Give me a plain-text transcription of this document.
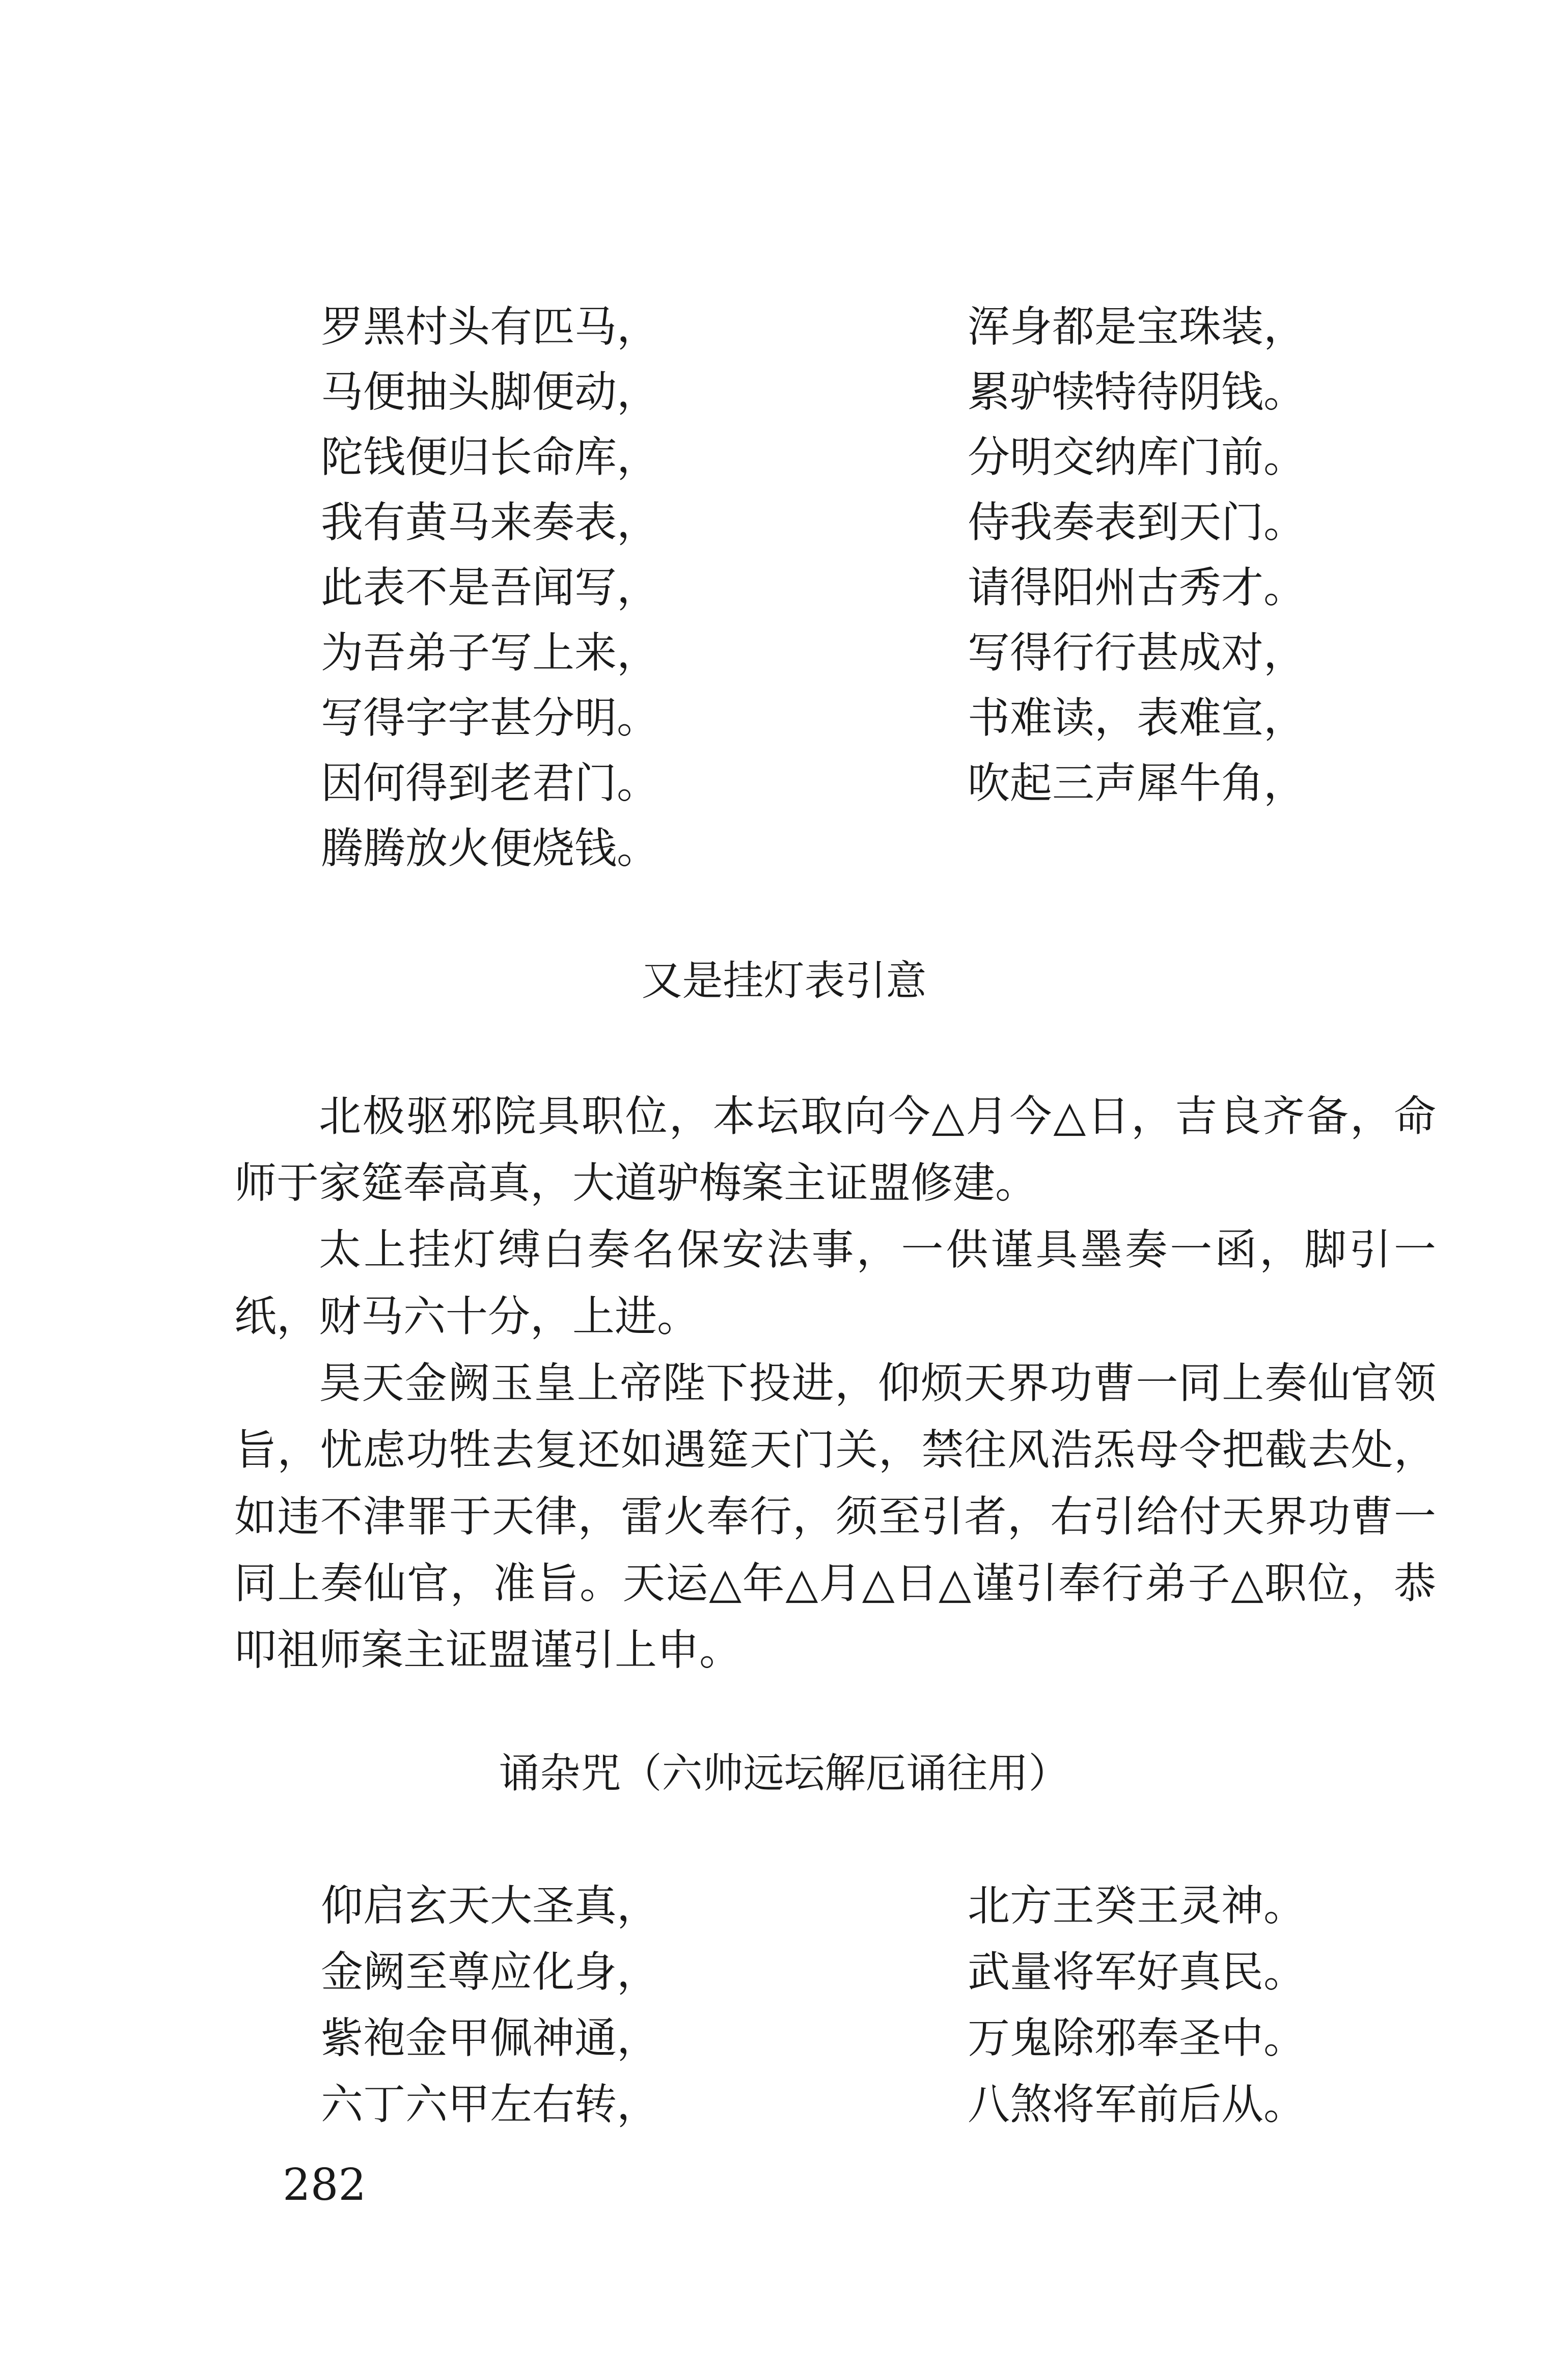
罗黑村头有匹马，
马便抽头脚便动，
陀钱便归长命库，
我有黄马来奏表，
此表不是吾闻写，
为吾弟子写上来，
写得字字甚分明。
因何得到老君门。
腾腾放火便烧钱。
浑身都是宝珠装，
累驴犊特待阴钱。
分明交纳库门前。
侍我奏表到天门。
请得阳州古秀才。
写得行行甚成对，
书难读，表难宣，
吹起三声犀牛角，
又是挂灯表引意

北极驱邪院具职位，本坛取向今△月今△日，吉良齐备，命师于家筵奉高真，大道驴梅案主证盟修建。

太上挂灯缚白奏名保安法事，一供谨具墨奏一函，脚引一纸，财马六十分，上进。

昊天金阙玉皇上帝陛下投进，仰烦天界功曹一同上奏仙官领旨，忧虑功牲去复还如遇筵天门关，禁往风浩炁母令把截去处，如违不津罪于天律，雷火奉行，须至引者，右引给付天界功曹一同上奏仙官，准旨。天运△年△月△日△谨引奉行弟子△职位，恭叩祖师案主证盟谨引上申。

诵杂咒（六帅远坛解厄诵往用）
仰启玄天大圣真，
金阙至尊应化身，
紫袍金甲佩神通，
六丁六甲左右转，
北方王癸王灵神。
武量将军好真民。
万鬼除邪奉圣中。
八煞将军前后从。
282
